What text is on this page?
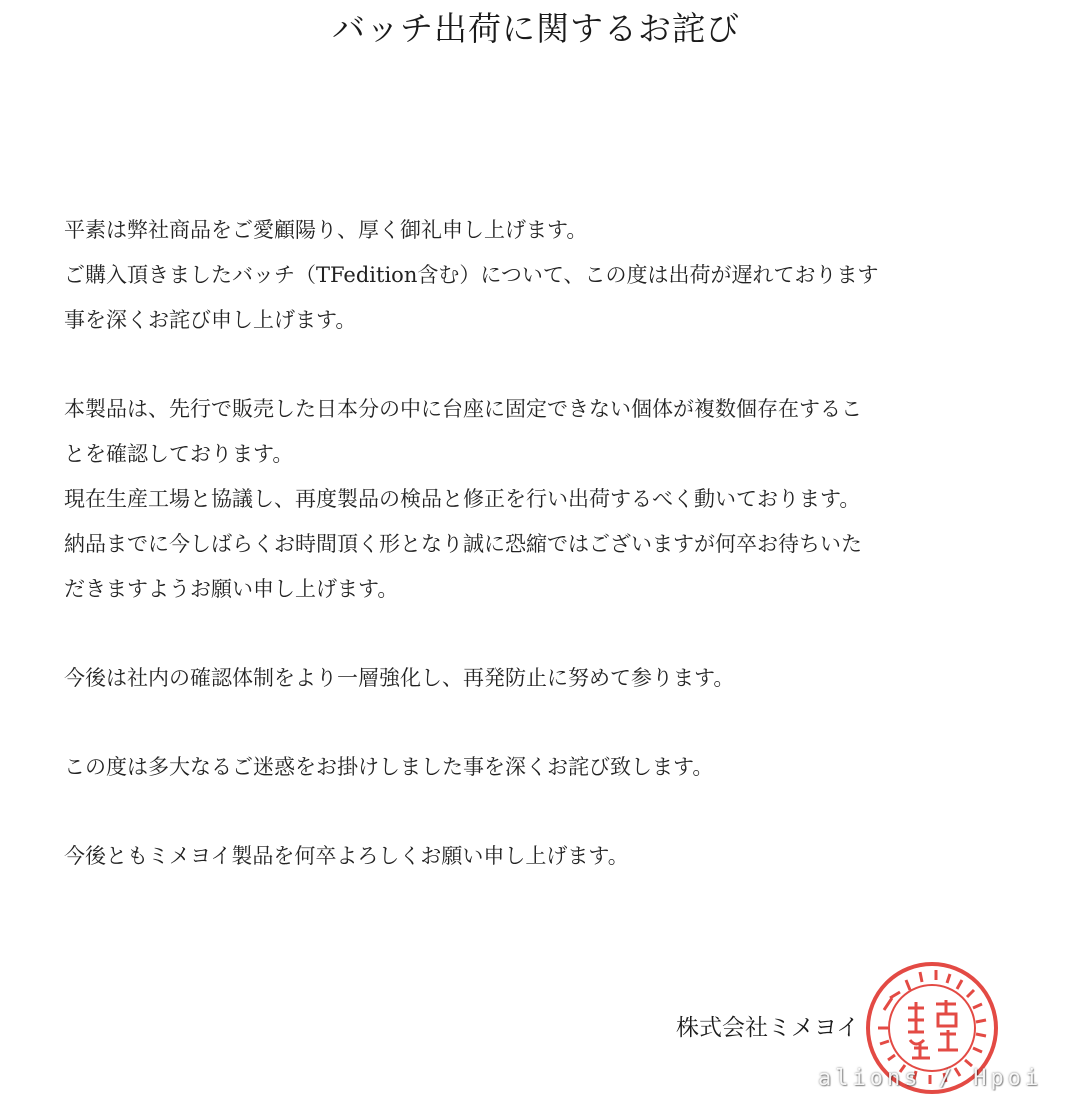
バッチ出荷に関するお詫び
平素は弊社商品をご愛顧陽り、厚く御礼申し上げます。
ご購入頂きましたバッチ（TFedition含む）について、この度は出荷が遅れております
事を深くお詫び申し上げます。
本製品は、先行で販売した日本分の中に台座に固定できない個体が複数個存在するこ
とを確認しております。
現在生産工場と協議し、再度製品の検品と修正を行い出荷するべく動いております。
納品までに今しばらくお時間頂く形となり誠に恐縮ではございますが何卒お待ちいた
だきますようお願い申し上げます。
今後は社内の確認体制をより一層強化し、再発防止に努めて参ります。
この度は多大なるご迷惑をお掛けしました事を深くお詫び致します。
今後ともミメヨイ製品を何卒よろしくお願い申し上げます。
株式会社ミメヨイ
alions / Hpoi
